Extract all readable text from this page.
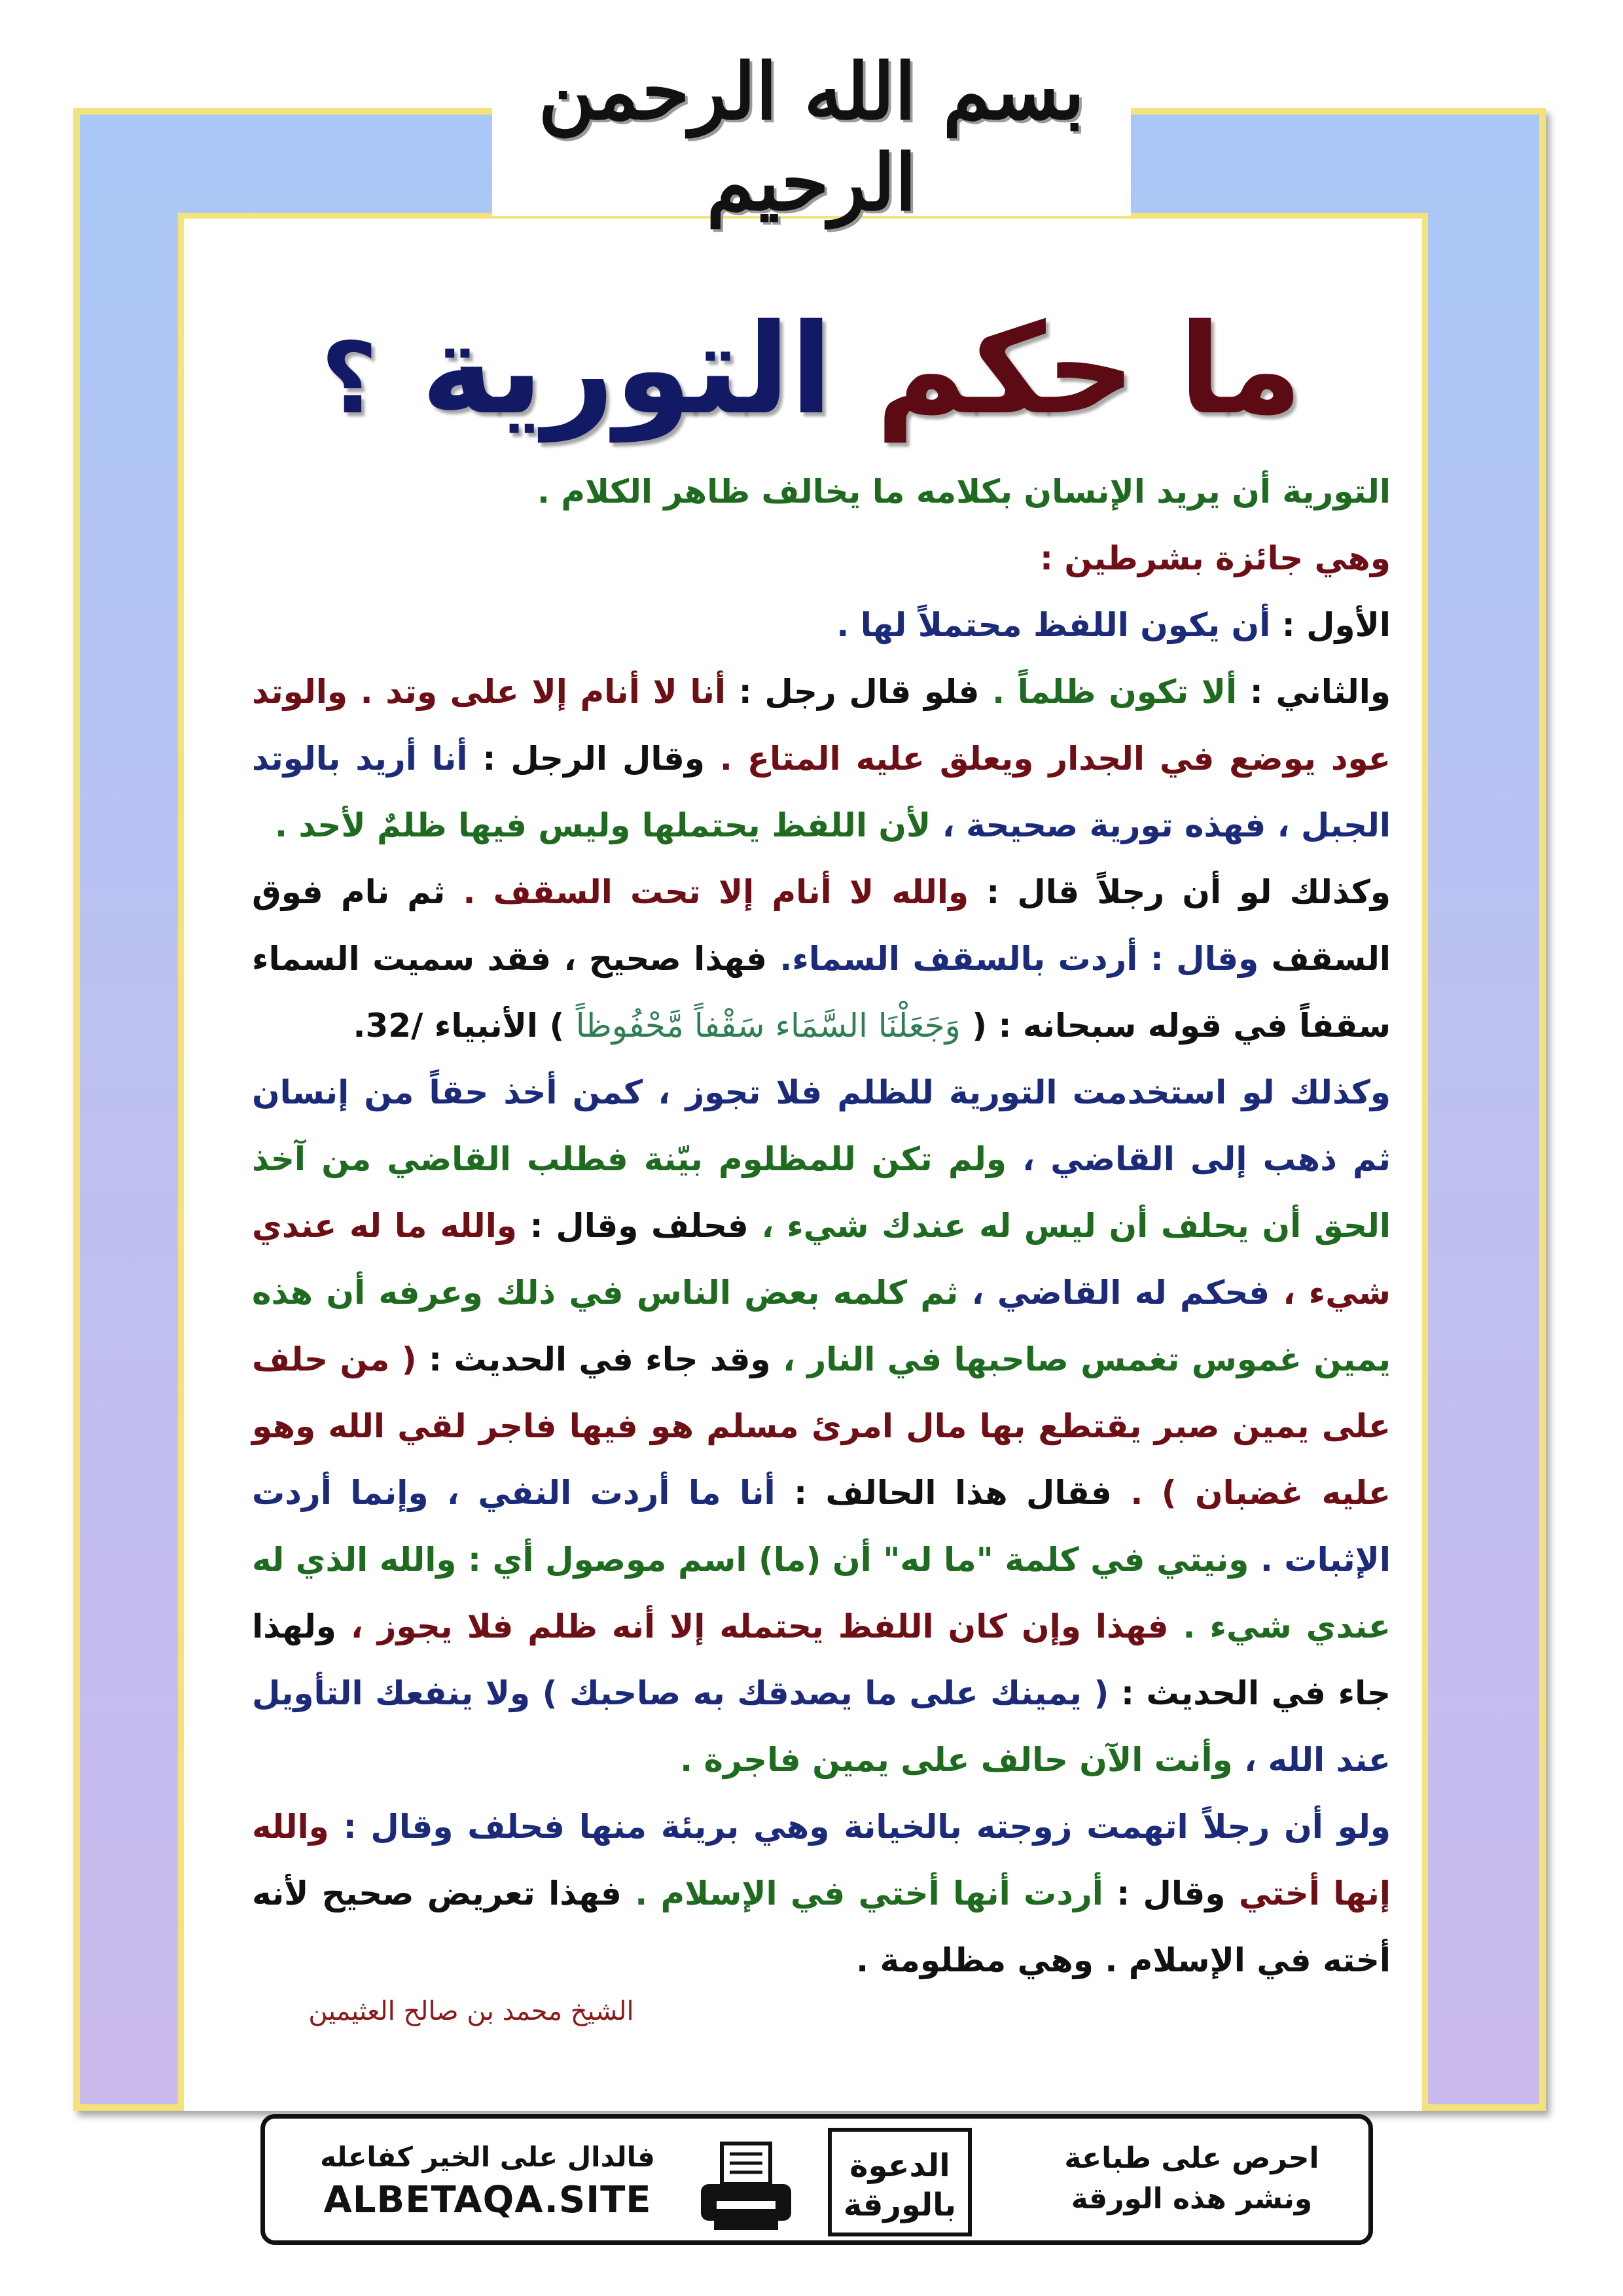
بسم الله الرحمن الرحيم
ما حكم التورية ؟

التورية أن يريد الإنسان بكلامه ما يخالف ظاهر الكلام .

وهي جائزة بشرطين :

الأول : أن يكون اللفظ محتملاً لها .

والثاني : ألا تكون ظلماً . فلو قال رجل : أنا لا أنام إلا على وتد . والوتد عود يوضع في الجدار ويعلق عليه المتاع . وقال الرجل : أنا أريد بالوتد الجبل ، فهذه تورية صحيحة ، لأن اللفظ يحتملها وليس فيها ظلمٌ لأحد .

وكذلك لو أن رجلاً قال : والله لا أنام إلا تحت السقف . ثم نام فوق السقف وقال : أردت بالسقف السماء. فهذا صحيح ، فقد سميت السماء سقفاً في قوله سبحانه : ( وَجَعَلْنَا السَّمَاء سَقْفاً مَّحْفُوظاً ) الأنبياء /32.

وكذلك لو استخدمت التورية للظلم فلا تجوز ، كمن أخذ حقاً من إنسان ثم ذهب إلى القاضي ، ولم تكن للمظلوم بيّنة فطلب القاضي من آخذ الحق أن يحلف أن ليس له عندك شيء ، فحلف وقال : والله ما له عندي شيء ، فحكم له القاضي ، ثم كلمه بعض الناس في ذلك وعرفه أن هذه يمين غموس تغمس صاحبها في النار ، وقد جاء في الحديث : ( من حلف على يمين صبر يقتطع بها مال امرئ مسلم هو فيها فاجر لقي الله وهو عليه غضبان ) . فقال هذا الحالف : أنا ما أردت النفي ، وإنما أردت الإثبات . ونيتي في كلمة "ما له" أن (ما) اسم موصول أي : والله الذي له عندي شيء . فهذا وإن كان اللفظ يحتمله إلا أنه ظلم فلا يجوز ، ولهذا جاء في الحديث : ( يمينك على ما يصدقك به صاحبك ) ولا ينفعك التأويل عند الله ، وأنت الآن حالف على يمين فاجرة .

ولو أن رجلاً اتهمت زوجته بالخيانة وهي بريئة منها فحلف وقال : والله إنها أختي وقال : أردت أنها أختي في الإسلام . فهذا تعريض صحيح لأنه أخته في الإسلام . وهي مظلومة .

الشيخ محمد بن صالح العثيمين
احرص على طباعة
ونشر هذه الورقة
الدعوة
بالورقة
فالدال على الخير كفاعله
ALBETAQA.SITE
